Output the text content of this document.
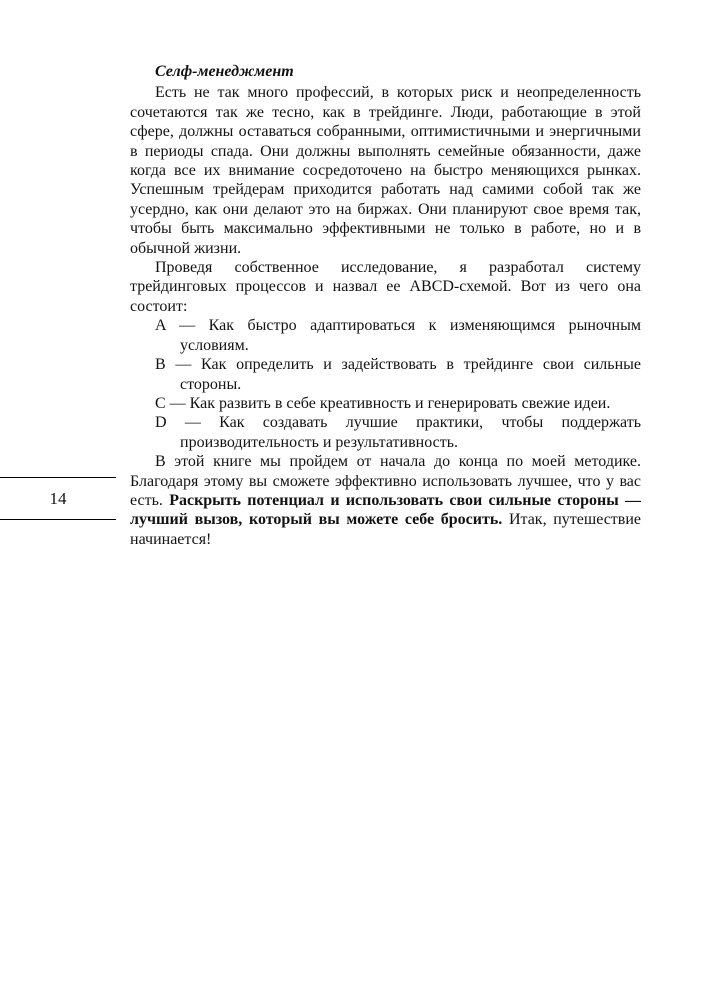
14
Селф-менеджмент

Есть не так много профессий, в которых риск и неопределенность сочетаются так же тесно, как в трейдинге. Люди, работающие в этой сфере, должны оставаться собранными, оптимистичными и энергичными в периоды спада. Они должны выполнять семейные обязанности, даже когда все их внимание сосредоточено на быстро меняющихся рынках. Успешным трейдерам приходится работать над самими собой так же усердно, как они делают это на биржах. Они планируют свое время так, чтобы быть максимально эффективными не только в работе, но и в обычной жизни.

Проведя собственное исследование, я разработал систему трейдинговых процессов и назвал ее ABCD-схемой. Вот из чего она состоит:

A — Как быстро адаптироваться к изменяющимся рыночным условиям.

B — Как определить и задействовать в трейдинге свои сильные стороны.

C — Как развить в себе креативность и генерировать свежие идеи.

D — Как создавать лучшие практики, чтобы поддержать производительность и результативность.

В этой книге мы пройдем от начала до конца по моей методике. Благодаря этому вы сможете эффективно использовать лучшее, что у вас есть. Раскрыть потенциал и использовать свои сильные стороны — лучший вызов, который вы можете себе бросить. Итак, путешествие начинается!
